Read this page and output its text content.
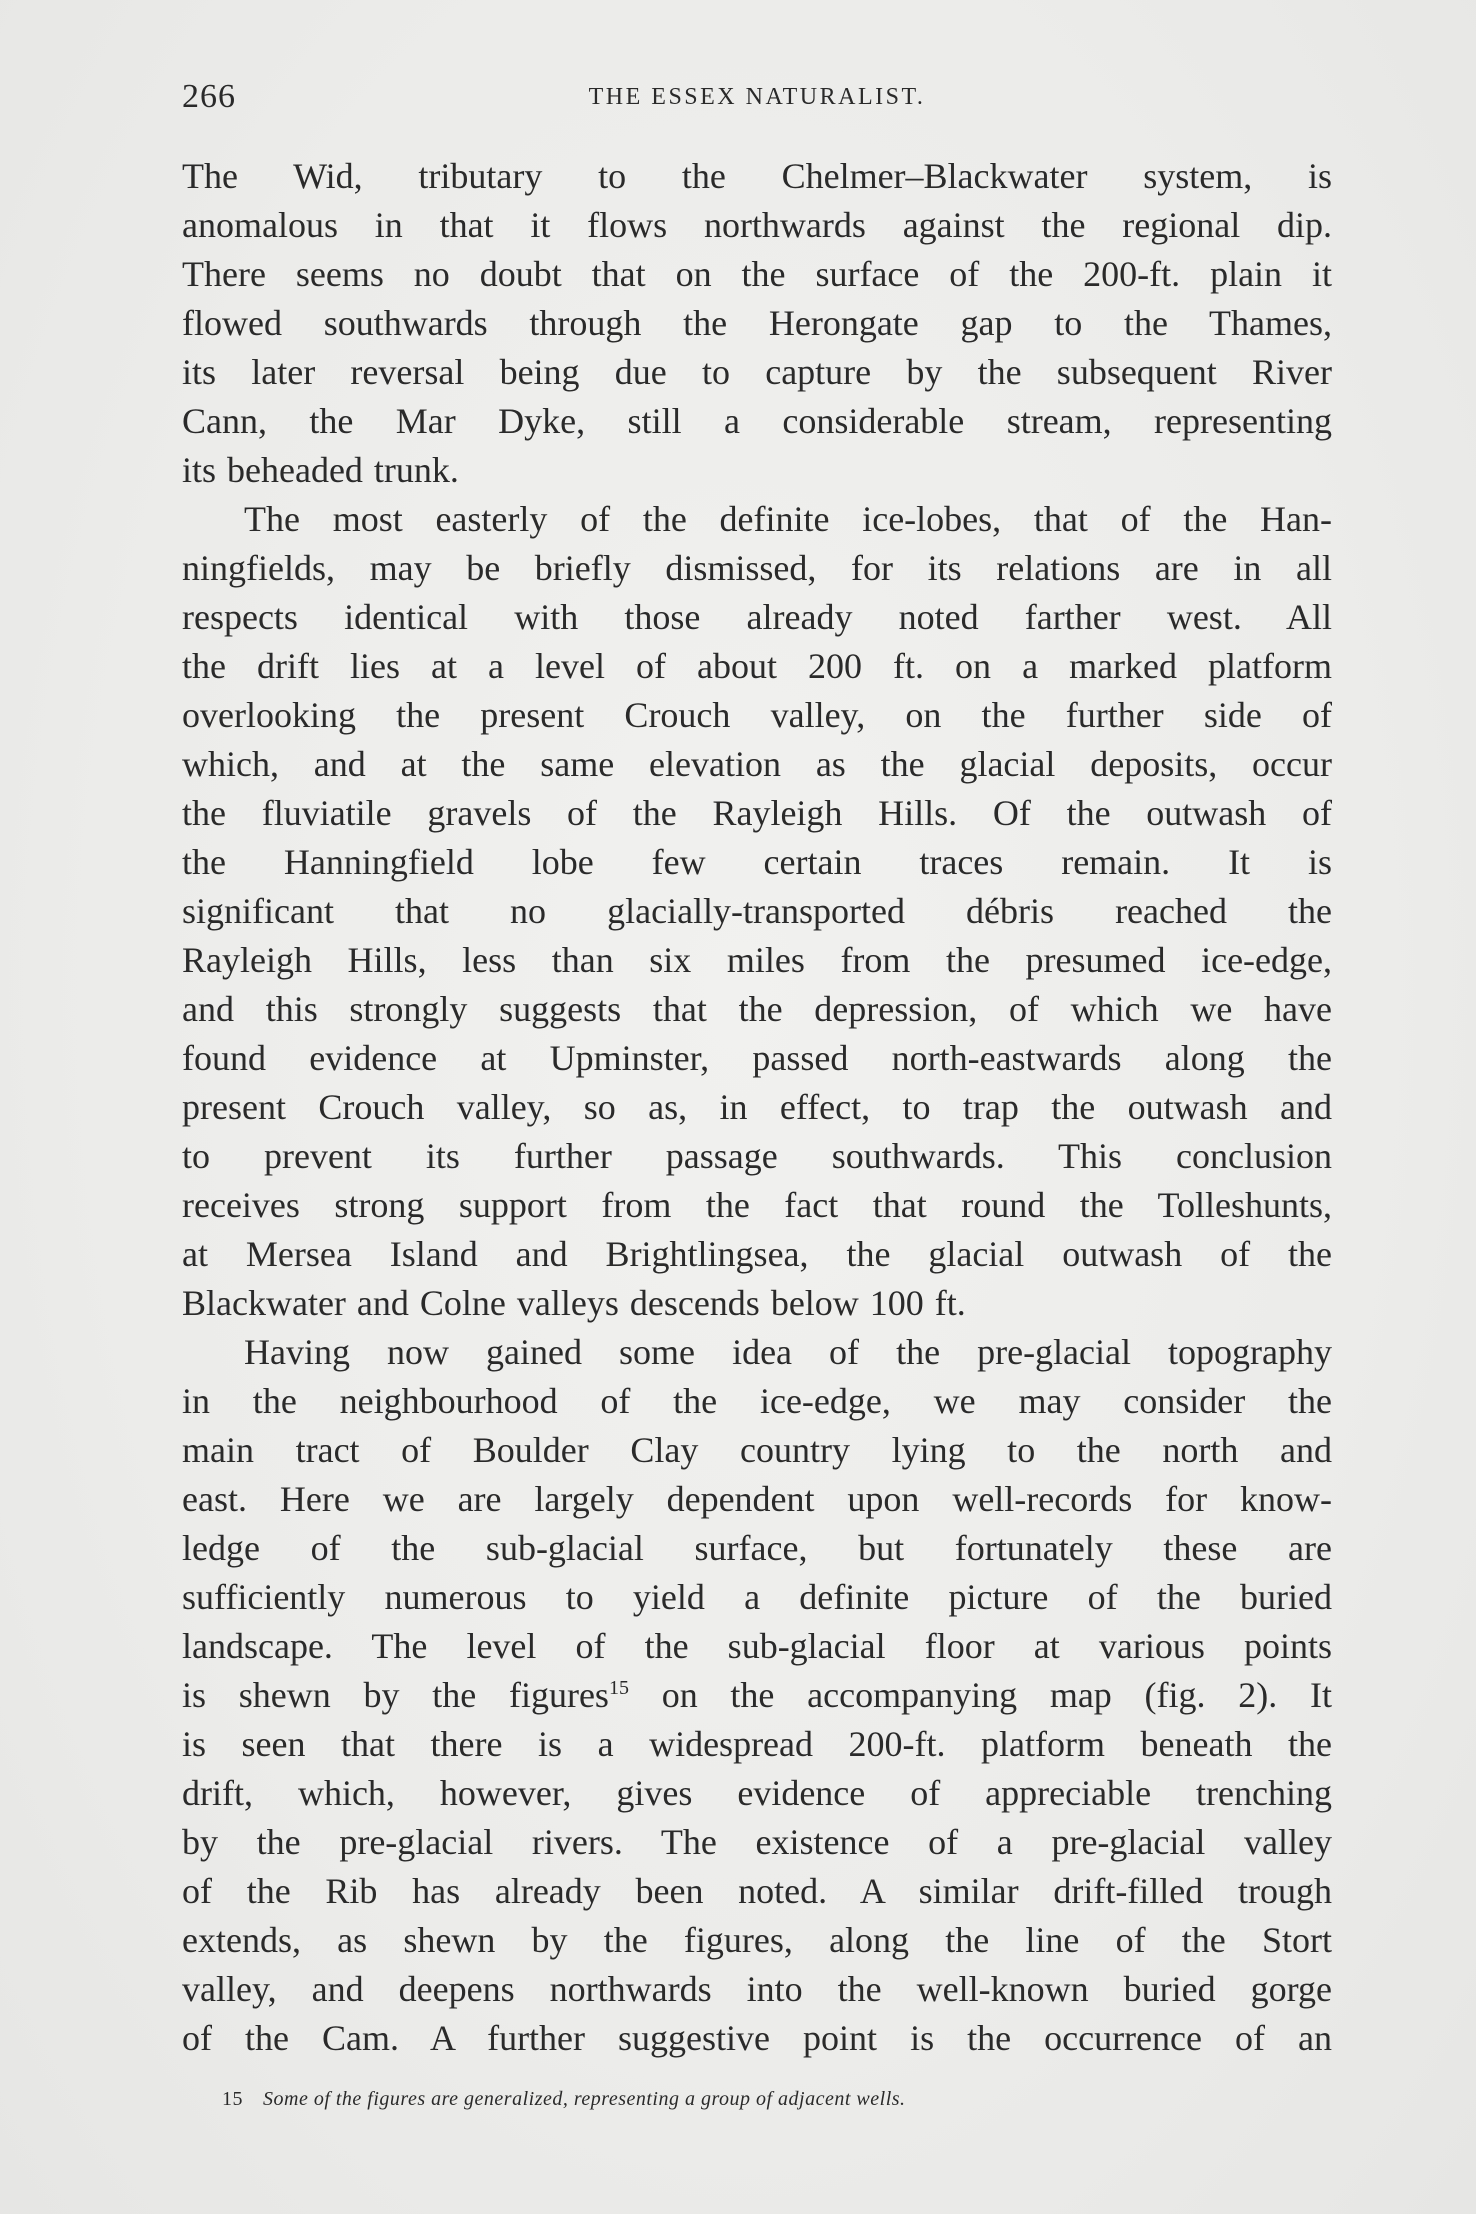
266	THE ESSEX NATURALIST.

The Wid, tributary to the Chelmer–Blackwater system, is
anomalous in that it flows northwards against the regional dip.
There seems no doubt that on the surface of the 200-ft. plain it
flowed southwards through the Herongate gap to the Thames,
its later reversal being due to capture by the subsequent River
Cann, the Mar Dyke, still a considerable stream, representing
its beheaded trunk.

The most easterly of the definite ice-lobes, that of the Han-
ningfields, may be briefly dismissed, for its relations are in all
respects identical with those already noted farther west. All
the drift lies at a level of about 200 ft. on a marked platform
overlooking the present Crouch valley, on the further side of
which, and at the same elevation as the glacial deposits, occur
the fluviatile gravels of the Rayleigh Hills. Of the outwash of
the Hanningfield lobe few certain traces remain. It is
significant that no glacially-transported débris reached the
Rayleigh Hills, less than six miles from the presumed ice-edge,
and this strongly suggests that the depression, of which we have
found evidence at Upminster, passed north-eastwards along the
present Crouch valley, so as, in effect, to trap the outwash and
to prevent its further passage southwards. This conclusion
receives strong support from the fact that round the Tolleshunts,
at Mersea Island and Brightlingsea, the glacial outwash of the
Blackwater and Colne valleys descends below 100 ft.

Having now gained some idea of the pre-glacial topography
in the neighbourhood of the ice-edge, we may consider the
main tract of Boulder Clay country lying to the north and
east. Here we are largely dependent upon well-records for know-
ledge of the sub-glacial surface, but fortunately these are
sufficiently numerous to yield a definite picture of the buried
landscape. The level of the sub-glacial floor at various points
is shewn by the figures$^{15}$ on the accompanying map (fig. 2). It
is seen that there is a widespread 200-ft. platform beneath the
drift, which, however, gives evidence of appreciable trenching
by the pre-glacial rivers. The existence of a pre-glacial valley
of the Rib has already been noted. A similar drift-filled trough
extends, as shewn by the figures, along the line of the Stort
valley, and deepens northwards into the well-known buried gorge
of the Cam. A further suggestive point is the occurrence of an

15 Some of the figures are generalized, representing a group of adjacent wells.
